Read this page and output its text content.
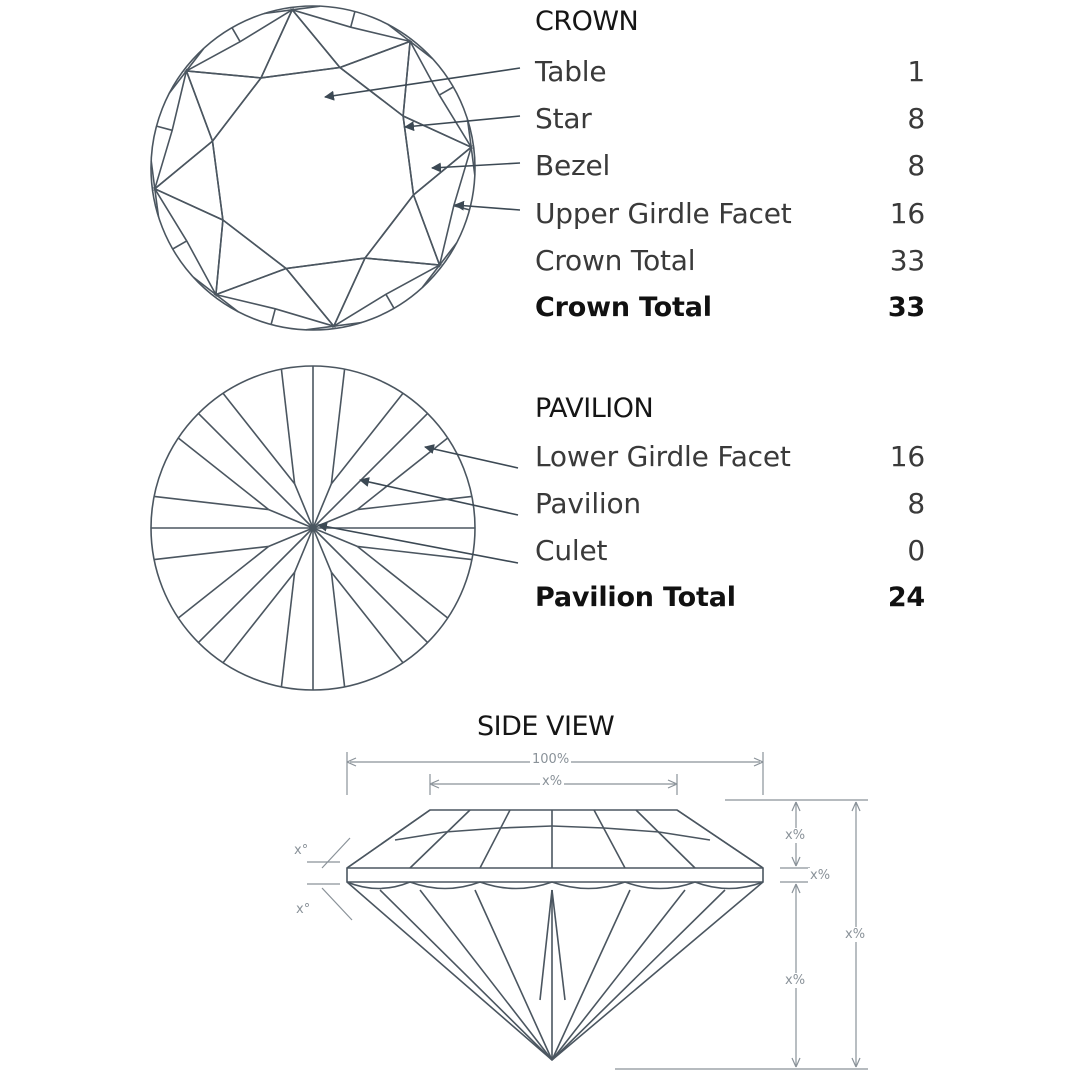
CROWN
Table	1
Star	8
Bezel	8
Upper Girdle Facet	16
Crown Total	33
Crown Total	33
PAVILION
Lower Girdle Facet	16
Pavilion	8
Culet	0
Pavilion Total	24
SIDE VIEW
100%
x%
x%
x%
x%
x%
x°
x°
